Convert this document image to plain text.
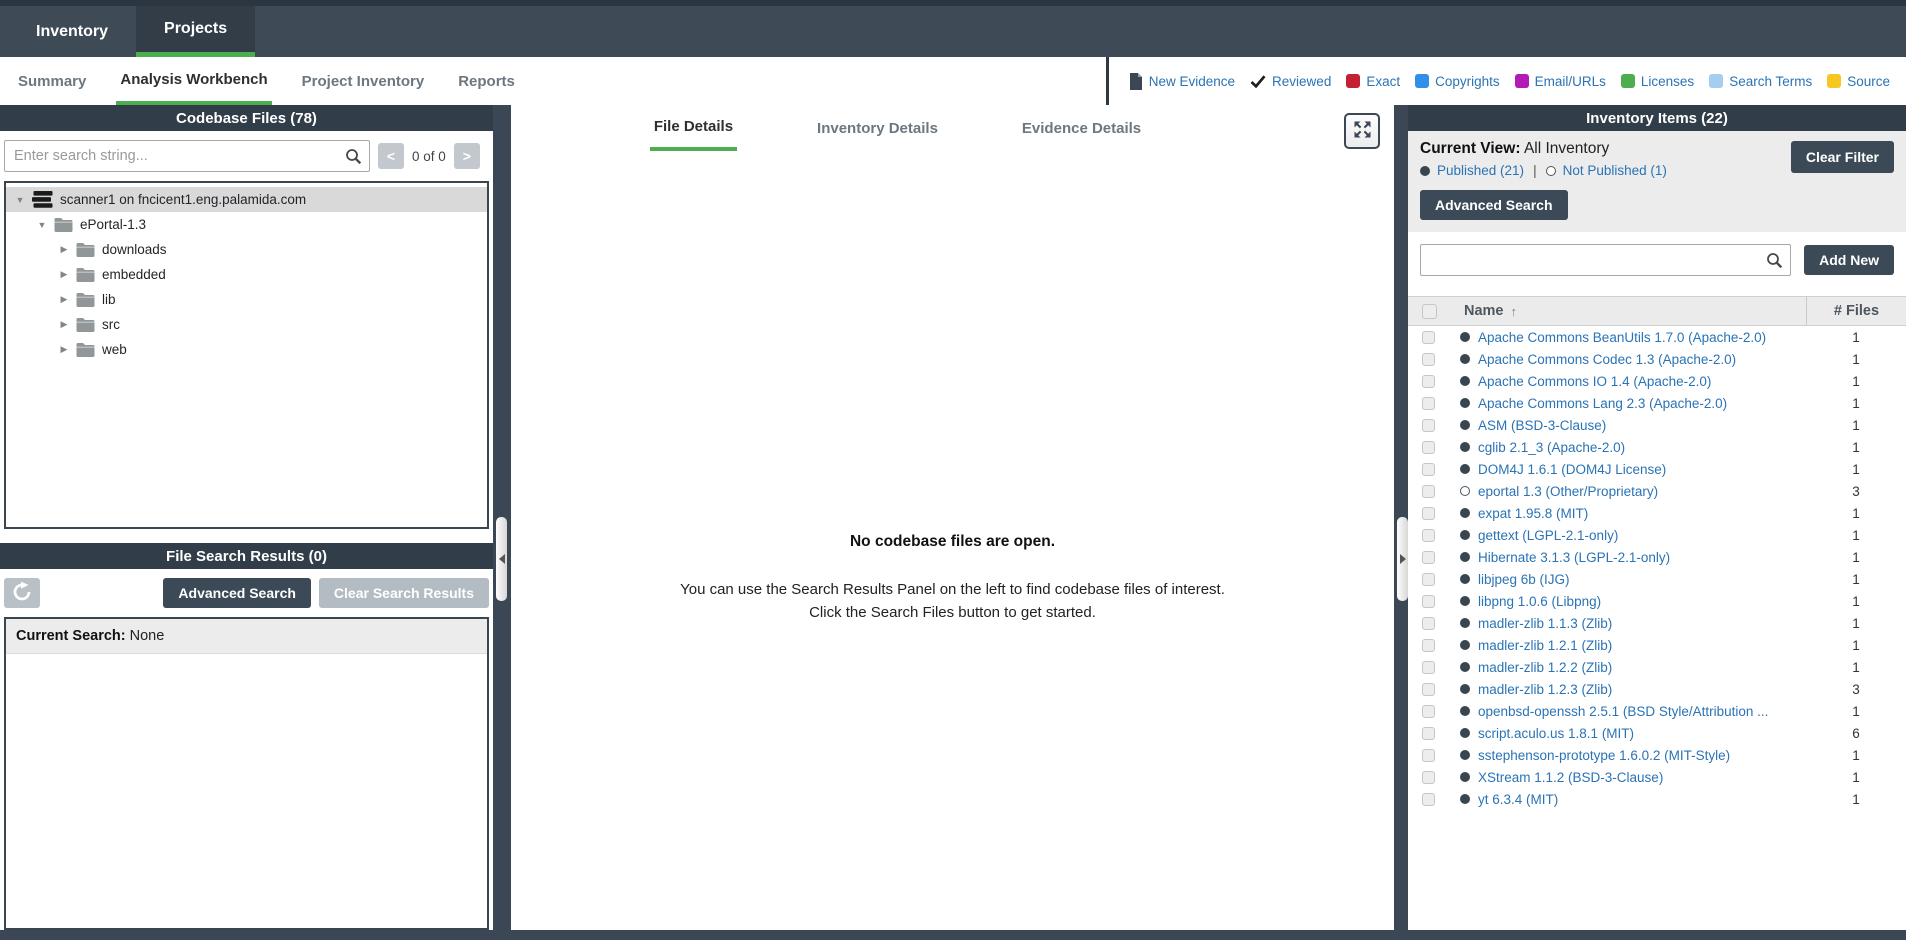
Inventory	Projects
Summary Analysis Workbench Project Inventory Reports	New Evidence	Reviewed	Exact	Copyrights	Email/URLs	Licenses	Search Terms	Source
Codebase Files (78)
Enter search string...
<	0 of 0	>
▼	scanner1 on fncicent1.eng.palamida.com
▼ ePortal-1.3
▶	downloads
▶	embedded
▶	lib
▶	src
▶	web
File Search Results (0)
Advanced Search	Clear Search Results
Current Search: None
File Details	Inventory Details	Evidence Details
No codebase files are open.
You can use the Search Results Panel on the left to find codebase files of interest.
Click the Search Files button to get started.
Inventory Items (22)
Current View: All Inventory	Clear Filter
Published (21) | Not Published (1)
Advanced Search
Add New
Name ↑	# Files
Apache Commons BeanUtils 1.7.0 (Apache-2.0)	1
Apache Commons Codec 1.3 (Apache-2.0)	1
Apache Commons IO 1.4 (Apache-2.0)	1
Apache Commons Lang 2.3 (Apache-2.0)	1
ASM (BSD-3-Clause)	1
cglib 2.1_3 (Apache-2.0)	1
DOM4J 1.6.1 (DOM4J License)	1
eportal 1.3 (Other/Proprietary)	3
expat 1.95.8 (MIT)	1
gettext (LGPL-2.1-only)	1
Hibernate 3.1.3 (LGPL-2.1-only)	1
libjpeg 6b (IJG)	1
libpng 1.0.6 (Libpng)	1
madler-zlib 1.1.3 (Zlib)	1
madler-zlib 1.2.1 (Zlib)	1
madler-zlib 1.2.2 (Zlib)	1
madler-zlib 1.2.3 (Zlib)	3
openbsd-openssh 2.5.1 (BSD Style/Attribution ...	1
script.aculo.us 1.8.1 (MIT)	6
sstephenson-prototype 1.6.0.2 (MIT-Style)	1
XStream 1.1.2 (BSD-3-Clause)	1
yt 6.3.4 (MIT)	1
